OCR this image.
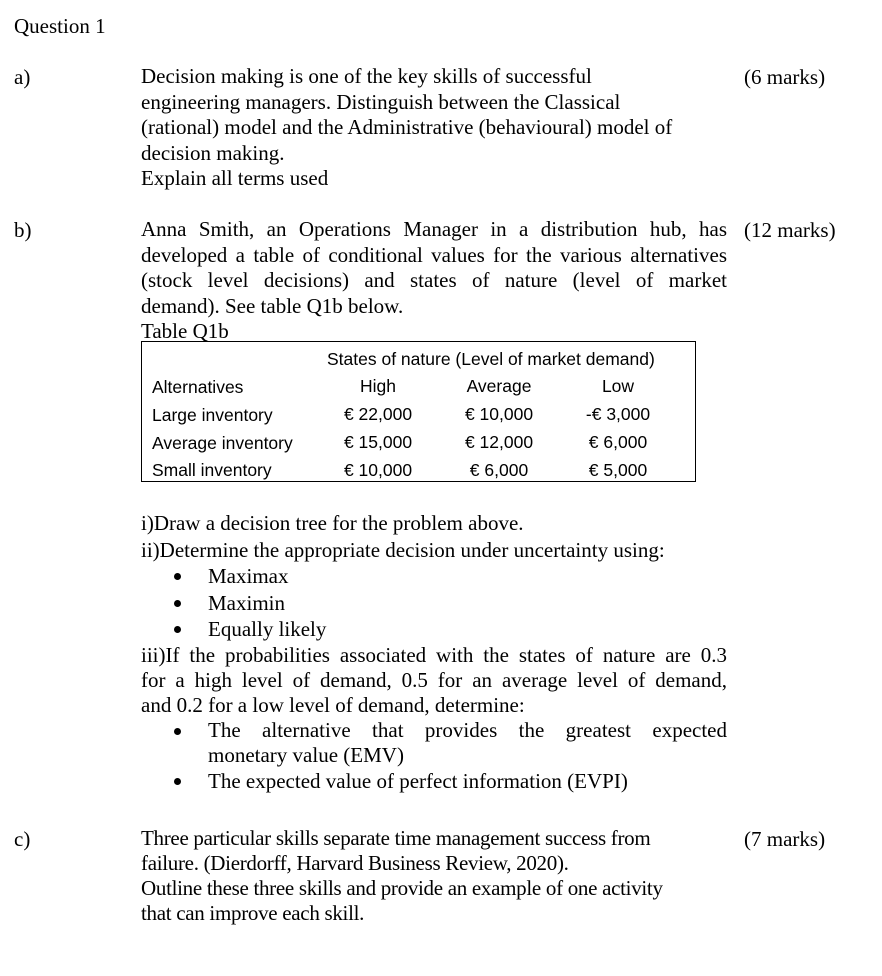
Question 1
a)	Decision making is one of the key skills of successful
engineering managers. Distinguish between the Classical
(rational) model and the Administrative (behavioural) model of
decision making.
Explain all terms used
(6 marks)
b)	Anna Smith, an Operations Manager in a distribution hub, has
developed a table of conditional values for the various alternatives
(stock level decisions) and states of nature (level of market
demand). See table Q1b below.
(12 marks)
Table Q1b
States of nature (Level of market demand)
Alternatives	High	Average	Low
Large inventory	€ 22,000	€ 10,000	-€ 3,000
Average inventory	€ 15,000	€ 12,000	€ 6,000
Small inventory	€ 10,000	€ 6,000	€ 5,000
i)Draw a decision tree for the problem above.
ii)Determine the appropriate decision under uncertainty using:
Maximax
Maximin
Equally likely
iii)If the probabilities associated with the states of nature are 0.3
for a high level of demand, 0.5 for an average level of demand,
and 0.2 for a low level of demand, determine:
The alternative that provides the greatest expected
monetary value (EMV)
The expected value of perfect information (EVPI)
c)	Three particular skills separate time management success from
failure. (Dierdorff, Harvard Business Review, 2020).
Outline these three skills and provide an example of one activity
that can improve each skill.
(7 marks)
